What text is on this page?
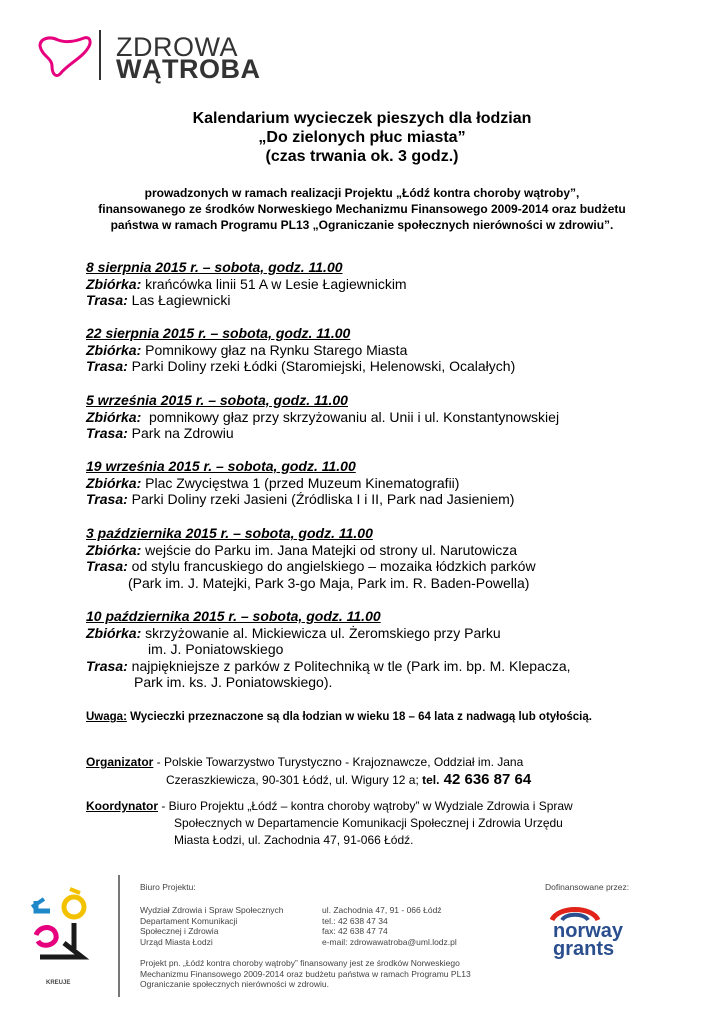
ZDROWA
WĄTROBA
Kalendarium wycieczek pieszych dla łodzian
„Do zielonych płuc miasta”
(czas trwania ok. 3 godz.)
prowadzonych w ramach realizacji Projektu „Łódź kontra choroby wątroby”,
finansowanego ze środków Norweskiego Mechanizmu Finansowego 2009-2014 oraz budżetu
państwa w ramach Programu PL13 „Ograniczanie społecznych nierówności w zdrowiu”.
8 sierpnia 2015 r. – sobota, godz. 11.00
Zbiórka: krańcówka linii 51 A w Lesie Łagiewnickim
Trasa: Las Łagiewnicki
22 sierpnia 2015 r. – sobota, godz. 11.00
Zbiórka: Pomnikowy głaz na Rynku Starego Miasta
Trasa: Parki Doliny rzeki Łódki (Staromiejski, Helenowski, Ocalałych)
5 września 2015 r. – sobota, godz. 11.00
Zbiórka:  pomnikowy głaz przy skrzyżowaniu al. Unii i ul. Konstantynowskiej
Trasa: Park na Zdrowiu
19 września 2015 r. – sobota, godz. 11.00
Zbiórka: Plac Zwycięstwa 1 (przed Muzeum Kinematografii)
Trasa: Parki Doliny rzeki Jasieni (Źródliska I i II, Park nad Jasieniem)
3 października 2015 r. – sobota, godz. 11.00
Zbiórka: wejście do Parku im. Jana Matejki od strony ul. Narutowicza
Trasa: od stylu francuskiego do angielskiego – mozaika łódzkich parków
(Park im. J. Matejki, Park 3-go Maja, Park im. R. Baden-Powella)
10 października 2015 r. – sobota, godz. 11.00
Zbiórka: skrzyżowanie al. Mickiewicza ul. Żeromskiego przy Parku
im. J. Poniatowskiego
Trasa: najpiękniejsze z parków z Politechniką w tle (Park im. bp. M. Klepacza,
Park im. ks. J. Poniatowskiego).
Uwaga: Wycieczki przeznaczone są dla łodzian w wieku 18 – 64 lata z nadwagą lub otyłością.
Organizator - Polskie Towarzystwo Turystyczno - Krajoznawcze, Oddział im. Jana
Czeraszkiewicza, 90-301 Łódź, ul. Wigury 12 a; tel. 42 636 87 64
Koordynator - Biuro Projektu „Łódź – kontra choroby wątroby” w Wydziale Zdrowia i Spraw
Społecznych w Departamencie Komunikacji Społecznej i Zdrowia Urzędu
Miasta Łodzi, ul. Zachodnia 47, 91-066 Łódź.
KREUJE
Biuro Projektu:
Wydział Zdrowia i Spraw Społecznych
Departament Komunikacji
Społecznej i Zdrowia
Urząd Miasta Łodzi
ul. Zachodnia 47, 91 - 066 Łódź
tel.: 42 638 47 34
fax: 42 638 47 74
e-mail: zdrowawatroba@uml.lodz.pl
Projekt pn. „Łódź kontra choroby wątroby” finansowany jest ze środków Norweskiego
Mechanizmu Finansowego 2009-2014 oraz budżetu państwa w ramach Programu PL13
Ograniczanie społecznych nierówności w zdrowiu.
Dofinansowane przez:
norway
grants
